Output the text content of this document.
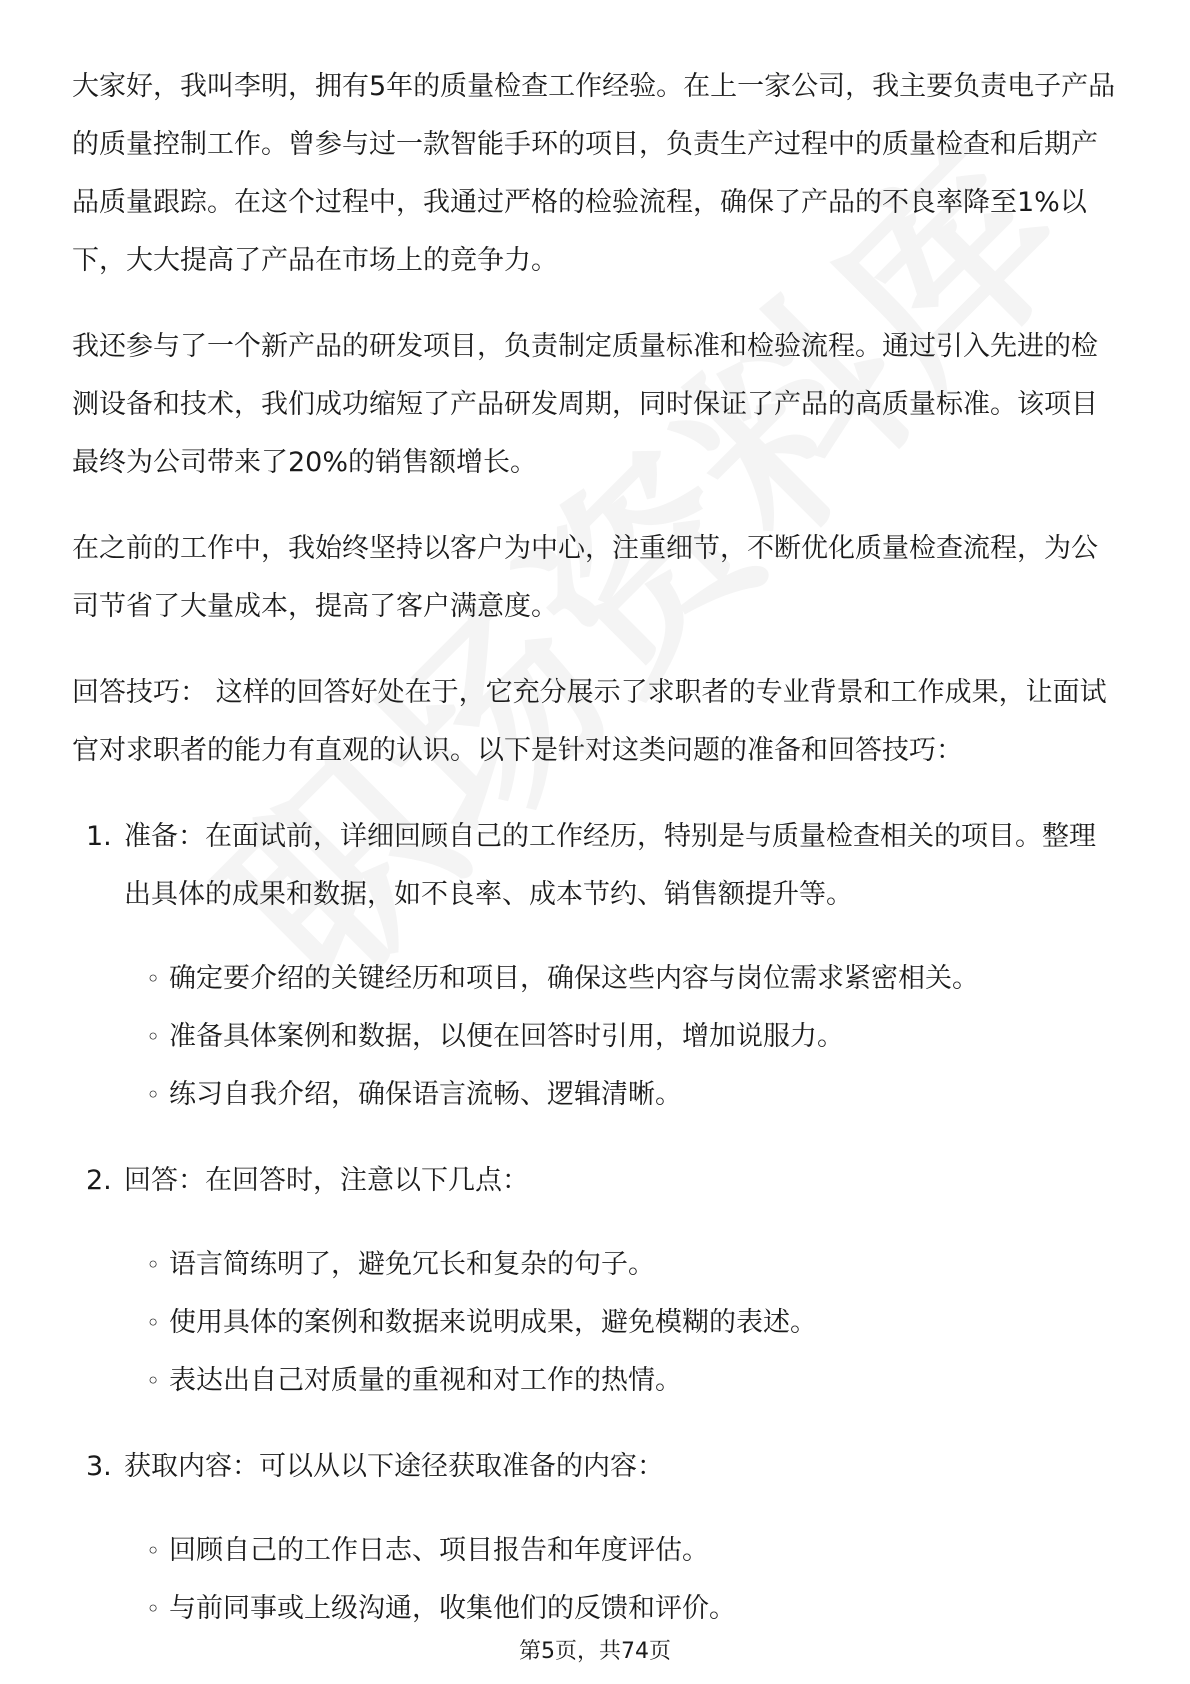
大家好，我叫李明，拥有5年的质量检查工作经验。在上一家公司，我主要负责电子产品的质量控制工作。曾参与过一款智能手环的项目，负责生产过程中的质量检查和后期产品质量跟踪。在这个过程中，我通过严格的检验流程，确保了产品的不良率降至1%以下，大大提高了产品在市场上的竞争力。

我还参与了一个新产品的研发项目，负责制定质量标准和检验流程。通过引入先进的检测设备和技术，我们成功缩短了产品研发周期，同时保证了产品的高质量标准。该项目最终为公司带来了20%的销售额增长。

在之前的工作中，我始终坚持以客户为中心，注重细节，不断优化质量检查流程，为公司节省了大量成本，提高了客户满意度。

回答技巧： 这样的回答好处在于，它充分展示了求职者的专业背景和工作成果，让面试官对求职者的能力有直观的认识。以下是针对这类问题的准备和回答技巧：

1. 准备：在面试前，详细回顾自己的工作经历，特别是与质量检查相关的项目。整理出具体的成果和数据，如不良率、成本节约、销售额提升等。
◦ 确定要介绍的关键经历和项目，确保这些内容与岗位需求紧密相关。
◦ 准备具体案例和数据，以便在回答时引用，增加说服力。
◦ 练习自我介绍，确保语言流畅、逻辑清晰。
2. 回答：在回答时，注意以下几点：
◦ 语言简练明了，避免冗长和复杂的句子。
◦ 使用具体的案例和数据来说明成果，避免模糊的表述。
◦ 表达出自己对质量的重视和对工作的热情。
3. 获取内容：可以从以下途径获取准备的内容：
◦ 回顾自己的工作日志、项目报告和年度评估。
◦ 与前同事或上级沟通，收集他们的反馈和评价。
第5页，共74页
